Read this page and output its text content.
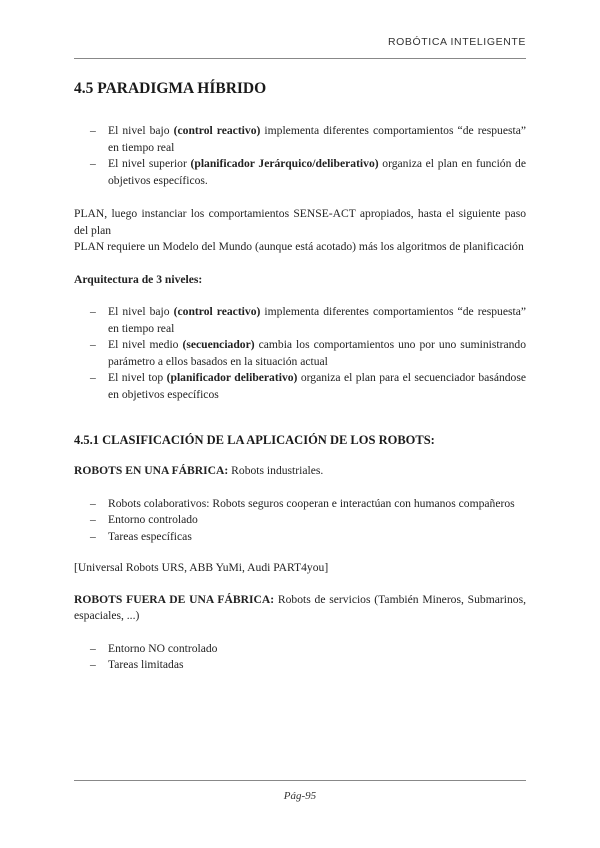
ROBÓTICA INTELIGENTE
4.5 PARADIGMA HÍBRIDO
– El nivel bajo (control reactivo) implementa diferentes comportamientos “de respuesta” en tiempo real
– El nivel superior (planificador Jerárquico/deliberativo) organiza el plan en función de objetivos específicos.

PLAN, luego instanciar los comportamientos SENSE-ACT apropiados, hasta el siguiente paso del plan

PLAN requiere un Modelo del Mundo (aunque está acotado) más los algoritmos de planificación

Arquitectura de 3 niveles:

– El nivel bajo (control reactivo) implementa diferentes comportamientos “de respuesta” en tiempo real
– El nivel medio (secuenciador) cambia los comportamientos uno por uno suministrando parámetro a ellos basados en la situación actual
– El nivel top (planificador deliberativo) organiza el plan para el secuenciador basándose en objetivos específicos
4.5.1 CLASIFICACIÓN DE LA APLICACIÓN DE LOS ROBOTS:

ROBOTS EN UNA FÁBRICA: Robots industriales.

– Robots colaborativos: Robots seguros cooperan e interactúan con humanos compañeros
– Entorno controlado
– Tareas específicas

[Universal Robots URS, ABB YuMi, Audi PART4you]

ROBOTS FUERA DE UNA FÁBRICA: Robots de servicios (También Mineros, Submarinos, espaciales, ...)

– Entorno NO controlado
– Tareas limitadas
Pág-95
